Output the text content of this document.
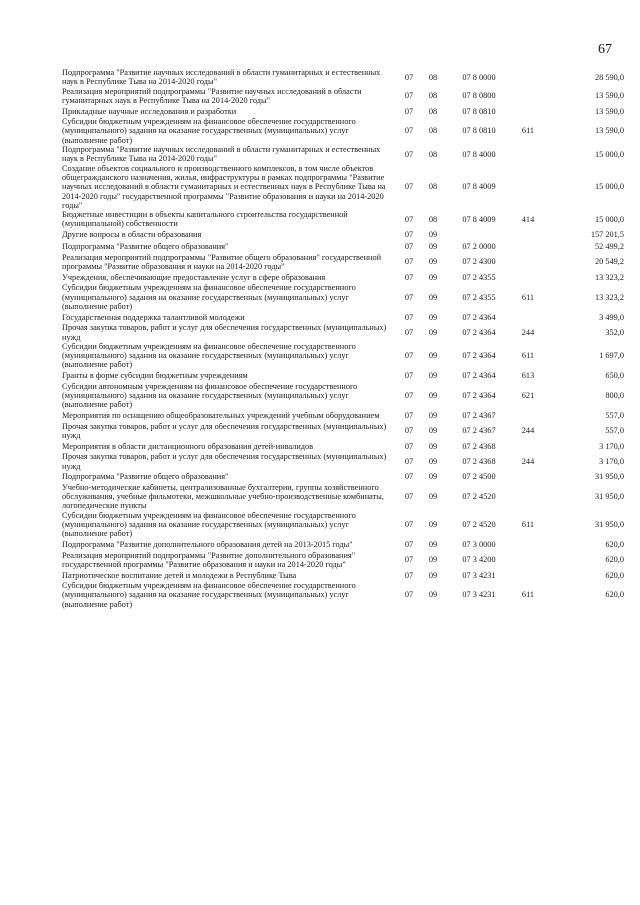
67
Подпрограмма "Развитие научных исследований в области гуманитарных и естественных наук в Республике Тыва на 2014-2020 годы"	07	08	07 8 0000		28 590,0
Реализация мероприятий подпрограммы "Развитие научных исследований в области гуманитарных наук в Республике Тыва на 2014-2020 годы"	07	08	07 8 0800		13 590,0
Прикладные научные исследования и разработки	07	08	07 8 0810		13 590,0
Субсидии бюджетным учреждениям на финансовое обеспечение государственного (муниципального) задания на оказание государственных (муниципальных) услуг (выполнение работ)	07	08	07 8 0810	611	13 590,0
Подпрограмма "Развитие научных исследований в области гуманитарных и естественных наук в Республике Тыва на 2014-2020 годы"	07	08	07 8 4000		15 000,0
Создание объектов социального и производственного комплексов, в том числе объектов общегражданского назначения, жилья, инфраструктуры в рамках подпрограммы "Развитие научных исследований в области гуманитарных и естественных наук в Республике Тыва на 2014-2020 годы" государственной программы "Развитие образования и науки на 2014-2020 годы"	07	08	07 8 4009		15 000,0
Бюджетные инвестиции в объекты капитального строительства государственной (муниципальной) собственности	07	08	07 8 4009	414	15 000,0
Другие вопросы в области образования	07	09			157 201,5
Подпрограмма "Развитие общего образования"	07	09	07 2 0000		52 499,2
Реализация мероприятий подпрограммы "Развитие общего образования" государственной программы "Развитие образования и науки на 2014-2020 годы"	07	09	07 2 4300		20 549,2
Учреждения, обеспечивающие предоставление услуг в сфере образования	07	09	07 2 4355		13 323,2
Субсидии бюджетным учреждениям на финансовое обеспечение государственного (муниципального) задания на оказание государственных (муниципальных) услуг (выполнение работ)	07	09	07 2 4355	611	13 323,2
Государственная поддержка талантливой молодежи	07	09	07 2 4364		3 499,0
Прочая закупка товаров, работ и услуг для обеспечения государственных (муниципальных) нужд	07	09	07 2 4364	244	352,0
Субсидии бюджетным учреждениям на финансовое обеспечение государственного (муниципального) задания на оказание государственных (муниципальных) услуг (выполнение работ)	07	09	07 2 4364	611	1 697,0
Гранты в форме субсидии бюджетным учреждениям	07	09	07 2 4364	613	650,0
Субсидии автономным учреждениям на финансовое обеспечение государственного (муниципального) задания на оказание государственных (муниципальных) услуг (выполнение работ)	07	09	07 2 4364	621	800,0
Мероприятия по оснащению общеобразовательных учреждений учебным оборудованием	07	09	07 2 4367		557,0
Прочая закупка товаров, работ и услуг для обеспечения государственных (муниципальных) нужд	07	09	07 2 4367	244	557,0
Мероприятия в области дистанционного образования детей-инвалидов	07	09	07 2 4368		3 170,0
Прочая закупка товаров, работ и услуг для обеспечения государственных (муниципальных) нужд	07	09	07 2 4368	244	3 170,0
Подпрограмма "Развитие общего образования"	07	09	07 2 4500		31 950,0
Учебно-методические кабинеты, централизованные бухгалтерии, группы хозяйственного обслуживания, учебные фильмотеки, межшкольные учебно-производственные комбинаты, логопедические пункты	07	09	07 2 4520		31 950,0
Субсидии бюджетным учреждениям на финансовое обеспечение государственного (муниципального) задания на оказание государственных (муниципальных) услуг (выполнение работ)	07	09	07 2 4520	611	31 950,0
Подпрограмма "Развитие дополнительного образования детей на 2013-2015 годы"	07	09	07 3 0000		620,0
Реализация мероприятий подпрограммы "Развитие дополнительного образования" государственной программы "Развитие образования и науки на 2014-2020 годы"	07	09	07 3 4200		620,0
Патриотическое воспитание детей и молодежи в Республике Тыва	07	09	07 3 4231		620,0
Субсидии бюджетным учреждениям на финансовое обеспечение государственного (муниципального) задания на оказание государственных (муниципальных) услуг (выполнение работ)	07	09	07 3 4231	611	620,0
